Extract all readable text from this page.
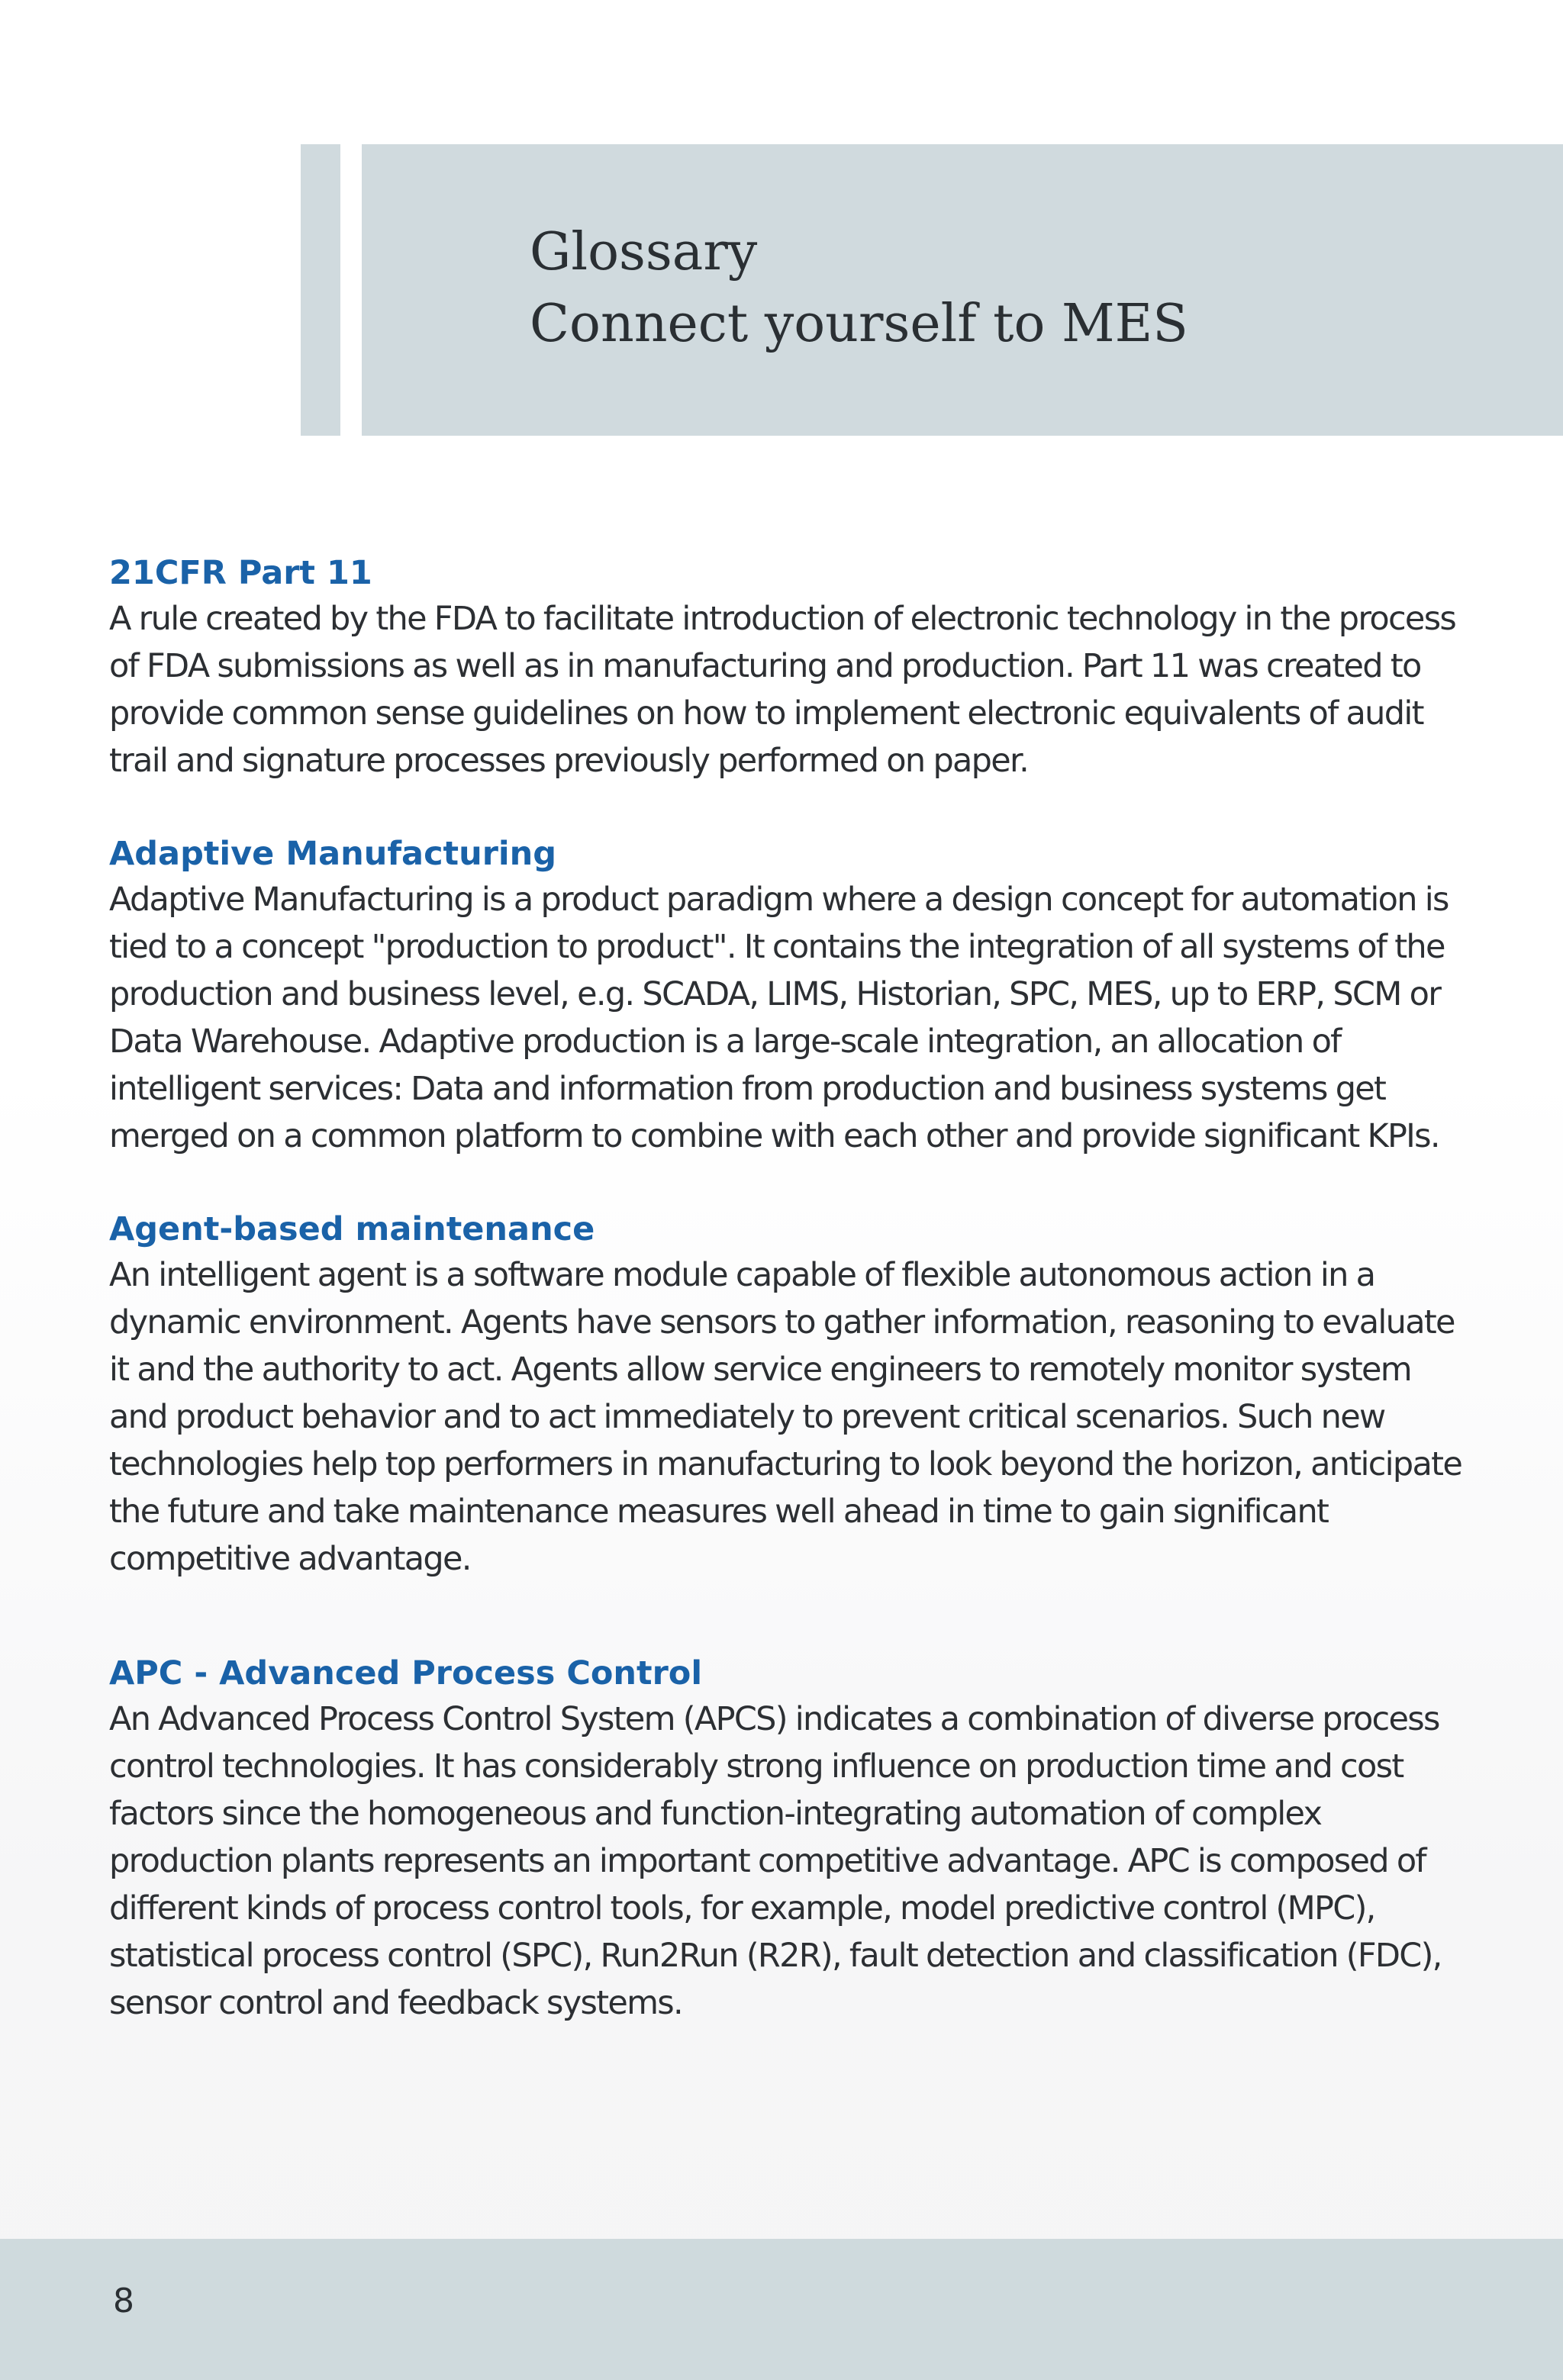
Glossary
Connect yourself to MES

21CFR Part 11

A rule created by the FDA to facilitate introduction of electronic technology in the process of FDA submissions as well as in manufacturing and production. Part 11 was created to provide common sense guidelines on how to implement electronic equivalents of audit trail and signature processes previously performed on paper.

Adaptive Manufacturing

Adaptive Manufacturing is a product paradigm where a design concept for automation is tied to a concept "production to product". It contains the integration of all systems of the production and business level, e.g. SCADA, LIMS, Historian, SPC, MES, up to ERP, SCM or Data Warehouse. Adaptive production is a large-scale integration, an allocation of intelligent services: Data and information from production and business systems get merged on a common platform to combine with each other and provide significant KPIs.

Agent-based maintenance

An intelligent agent is a software module capable of flexible autonomous action in a dynamic environment. Agents have sensors to gather information, reasoning to evaluate it and the authority to act. Agents allow service engineers to remotely monitor system and product behavior and to act immediately to prevent critical scenarios. Such new technologies help top performers in manufacturing to look beyond the horizon, anticipate the future and take maintenance measures well ahead in time to gain significant competitive advantage.

APC - Advanced Process Control

An Advanced Process Control System (APCS) indicates a combination of diverse process control technologies. It has considerably strong influence on production time and cost factors since the homogeneous and function-integrating automation of complex production plants represents an important competitive advantage. APC is composed of different kinds of process control tools, for example, model predictive control (MPC), statistical process control (SPC), Run2Run (R2R), fault detection and classification (FDC), sensor control and feedback systems.

8
